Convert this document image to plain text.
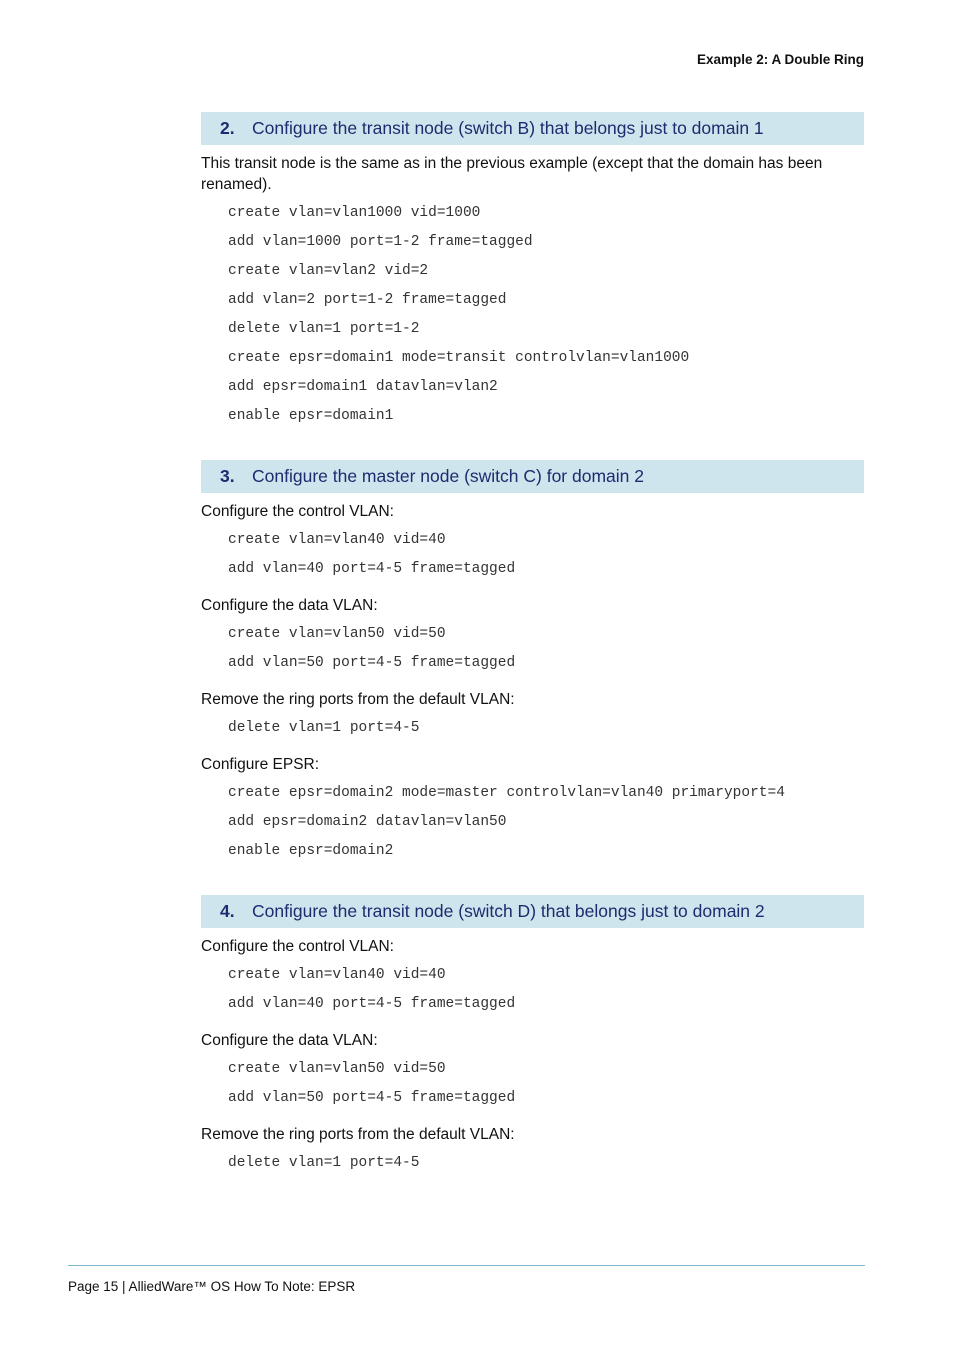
Example 2: A Double Ring
2. Configure the transit node (switch B) that belongs just to domain 1

This transit node is the same as in the previous example (except that the domain has been renamed).

create vlan=vlan1000 vid=1000
add vlan=1000 port=1-2 frame=tagged
create vlan=vlan2 vid=2
add vlan=2 port=1-2 frame=tagged
delete vlan=1 port=1-2
create epsr=domain1 mode=transit controlvlan=vlan1000
add epsr=domain1 datavlan=vlan2
enable epsr=domain1
3. Configure the master node (switch C) for domain 2

Configure the control VLAN:

create vlan=vlan40 vid=40
add vlan=40 port=4-5 frame=tagged

Configure the data VLAN:

create vlan=vlan50 vid=50
add vlan=50 port=4-5 frame=tagged

Remove the ring ports from the default VLAN:

delete vlan=1 port=4-5

Configure EPSR:

create epsr=domain2 mode=master controlvlan=vlan40 primaryport=4
add epsr=domain2 datavlan=vlan50
enable epsr=domain2
4. Configure the transit node (switch D) that belongs just to domain 2

Configure the control VLAN:

create vlan=vlan40 vid=40
add vlan=40 port=4-5 frame=tagged

Configure the data VLAN:

create vlan=vlan50 vid=50
add vlan=50 port=4-5 frame=tagged

Remove the ring ports from the default VLAN:

delete vlan=1 port=4-5
Page 15 | AlliedWare™ OS How To Note: EPSR
